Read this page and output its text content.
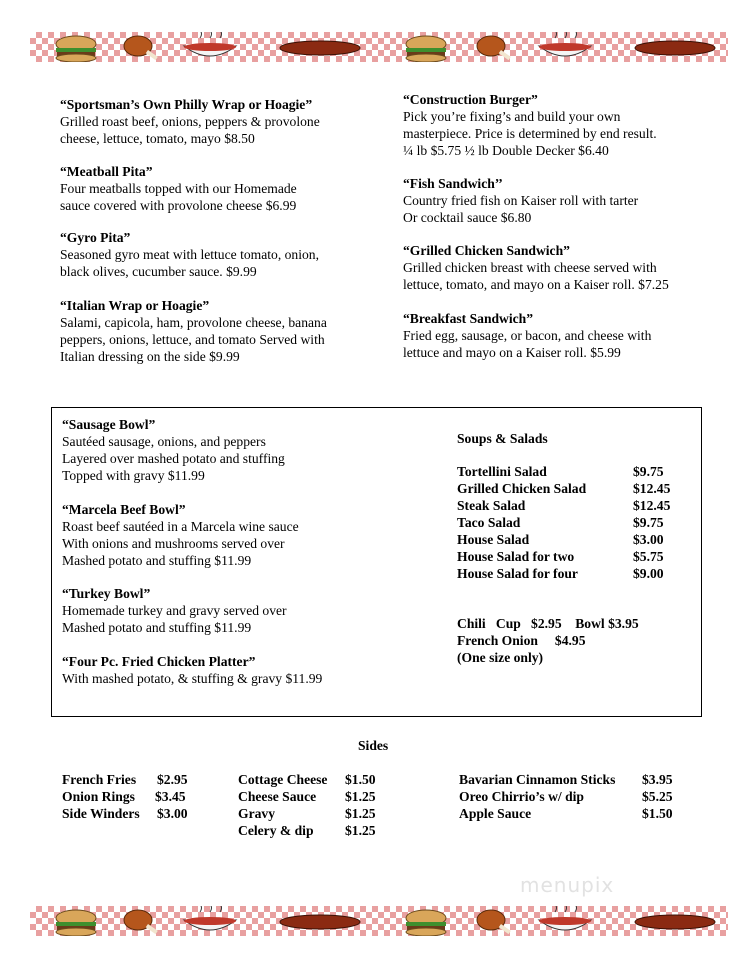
“Sportsman’s Own Philly Wrap or Hoagie”
Grilled roast beef, onions, peppers & provolone
cheese, lettuce, tomato, mayo $8.50
“Meatball Pita”
Four meatballs topped with our Homemade
sauce covered with provolone cheese $6.99
“Gyro Pita”
Seasoned gyro meat with lettuce tomato, onion,
black olives, cucumber sauce. $9.99
“Italian Wrap or Hoagie”
Salami, capicola, ham, provolone cheese, banana
peppers, onions, lettuce, and tomato Served with
Italian dressing on the side $9.99
“Construction Burger”
Pick you’re fixing’s and build your own
masterpiece. Price is determined by end result.
¼ lb $5.75 ½ lb Double Decker $6.40
“Fish Sandwich’’
Country fried fish on Kaiser roll with tarter
Or cocktail sauce $6.80
“Grilled Chicken Sandwich”
Grilled chicken breast with cheese served with
lettuce, tomato, and mayo on a Kaiser roll. $7.25
“Breakfast Sandwich”
Fried egg, sausage, or bacon, and cheese with
lettuce and mayo on a Kaiser roll. $5.99
“Sausage Bowl”
Sautéed sausage, onions, and peppers
Layered over mashed potato and stuffing
Topped with gravy $11.99
“Marcela Beef Bowl”
Roast beef sautéed in a Marcela wine sauce
With onions and mushrooms served over
Mashed potato and stuffing $11.99
“Turkey Bowl”
Homemade turkey and gravy served over
Mashed potato and stuffing $11.99
“Four Pc. Fried Chicken Platter”
With mashed potato, & stuffing & gravy $11.99
Soups & Salads
Tortellini Salad	$9.75
Grilled Chicken Salad	$12.45
Steak Salad	$12.45
Taco Salad	$9.75
House Salad	$3.00
House Salad for two	$5.75
House Salad for four	$9.00
Chili   Cup   $2.95    Bowl $3.95
French Onion     $4.95
(One size only)
Sides
French Fries $2.95
Onion Rings $3.45
Side Winders $3.00
Cottage Cheese $1.50
Cheese Sauce $1.25
Gravy	$1.25
Celery & dip $1.25
Bavarian Cinnamon Sticks $3.95
Oreo Chirrio’s w/ dip	$5.25
Apple Sauce	$1.50
menupix
